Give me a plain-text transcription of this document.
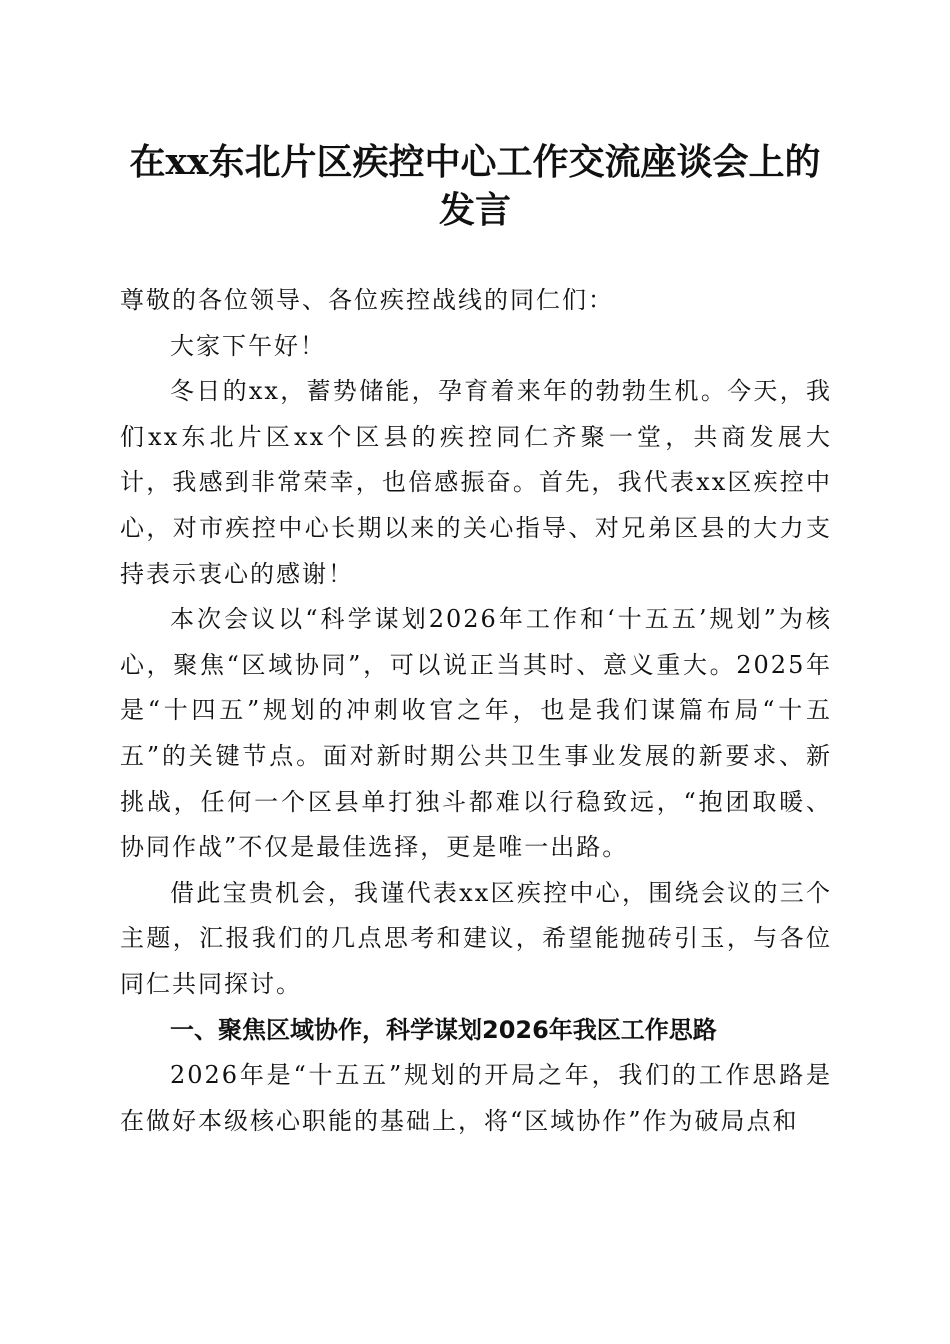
在xx东北片区疾控中心工作交流座谈会上的
发言

尊敬的各位领导、各位疾控战线的同仁们：

大家下午好！

冬日的xx，蓄势储能，孕育着来年的勃勃生机。今天，我们xx东北片区xx个区县的疾控同仁齐聚一堂，共商发展大计，我感到非常荣幸，也倍感振奋。首先，我代表xx区疾控中心，对市疾控中心长期以来的关心指导、对兄弟区县的大力支持表示衷心的感谢！

本次会议以“科学谋划2026年工作和‘十五五’规划”为核心，聚焦“区域协同”，可以说正当其时、意义重大。2025年是“十四五”规划的冲刺收官之年，也是我们谋篇布局“十五五”的关键节点。面对新时期公共卫生事业发展的新要求、新挑战，任何一个区县单打独斗都难以行稳致远，“抱团取暖、协同作战”不仅是最佳选择，更是唯一出路。

借此宝贵机会，我谨代表xx区疾控中心，围绕会议的三个主题，汇报我们的几点思考和建议，希望能抛砖引玉，与各位同仁共同探讨。

一、聚焦区域协作，科学谋划2026年我区工作思路

2026年是“十五五”规划的开局之年，我们的工作思路是在做好本级核心职能的基础上，将“区域协作”作为破局点和
